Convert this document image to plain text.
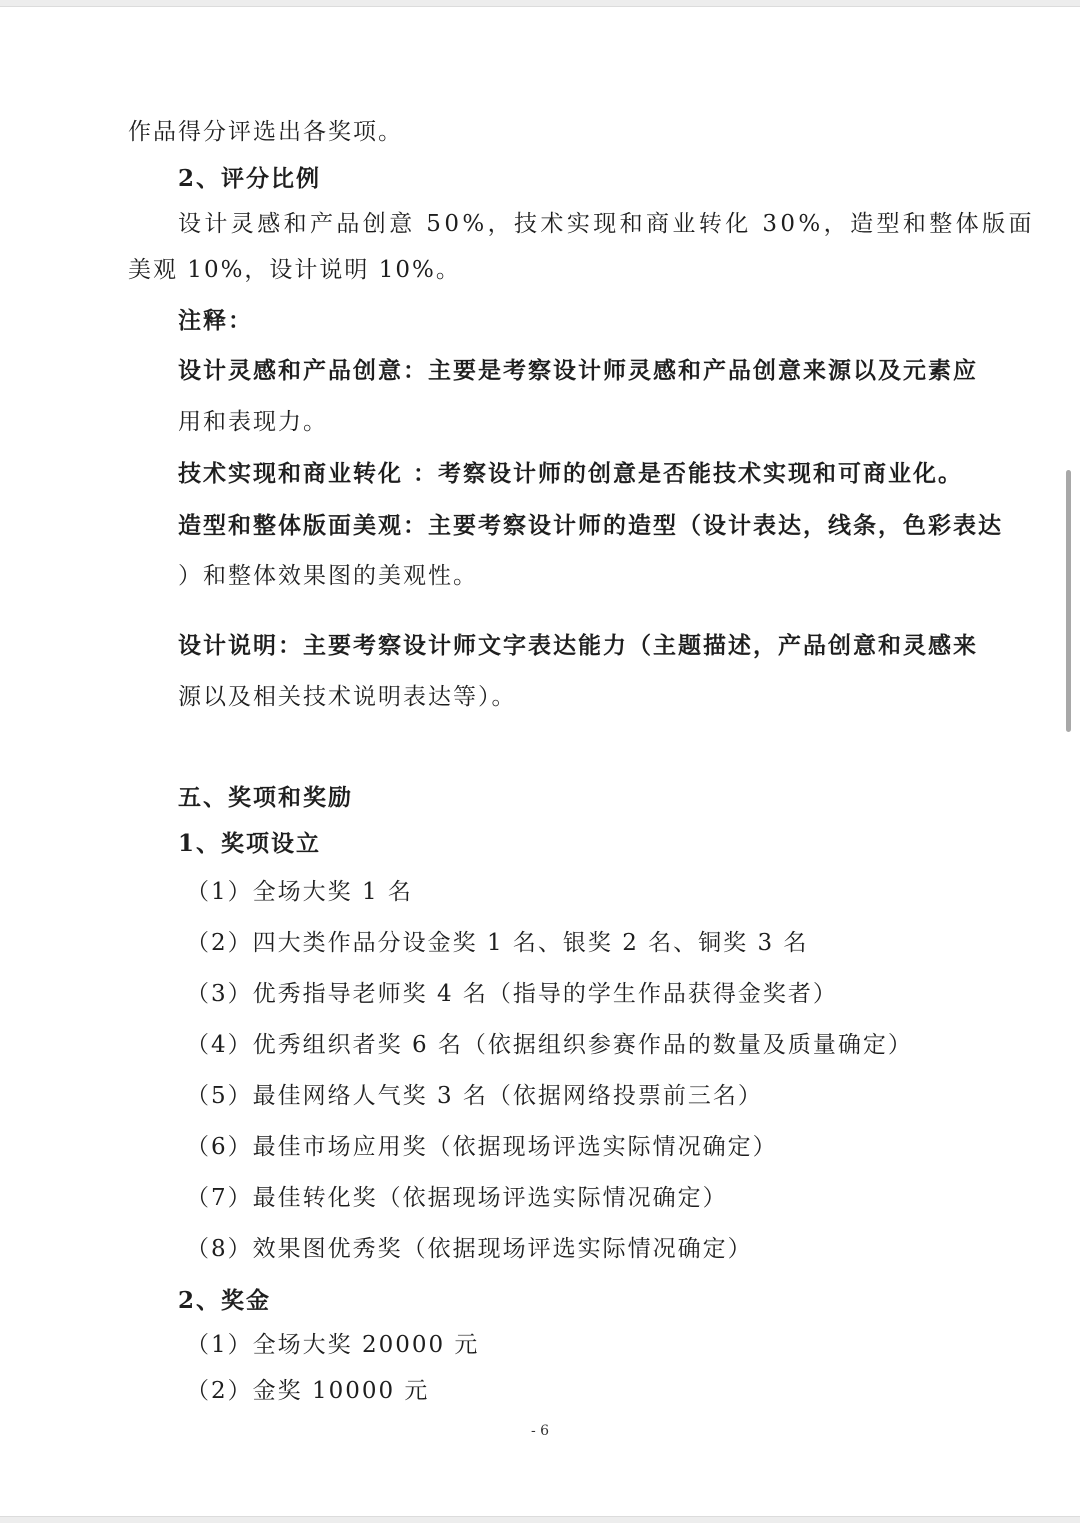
作品得分评选出各奖项。
2、评分比例
设计灵感和产品创意 50%，技术实现和商业转化 30%，造型和整体版面
美观 10%，设计说明 10%。
注释：
设计灵感和产品创意：主要是考察设计师灵感和产品创意来源以及元素应
用和表现力。
技术实现和商业转化 ：考察设计师的创意是否能技术实现和可商业化。
造型和整体版面美观：主要考察设计师的造型（设计表达，线条，色彩表达
）和整体效果图的美观性。
设计说明：主要考察设计师文字表达能力（主题描述，产品创意和灵感来
源以及相关技术说明表达等）。
五、奖项和奖励
1、奖项设立
（1）全场大奖 1 名
（2）四大类作品分设金奖 1 名、银奖 2 名、铜奖 3 名
（3）优秀指导老师奖 4 名（指导的学生作品获得金奖者）
（4）优秀组织者奖 6 名（依据组织参赛作品的数量及质量确定）
（5）最佳网络人气奖 3 名（依据网络投票前三名）
（6）最佳市场应用奖（依据现场评选实际情况确定）
（7）最佳转化奖（依据现场评选实际情况确定）
（8）效果图优秀奖（依据现场评选实际情况确定）
2、奖金
（1）全场大奖 20000 元
（2）金奖 10000 元
- 6
